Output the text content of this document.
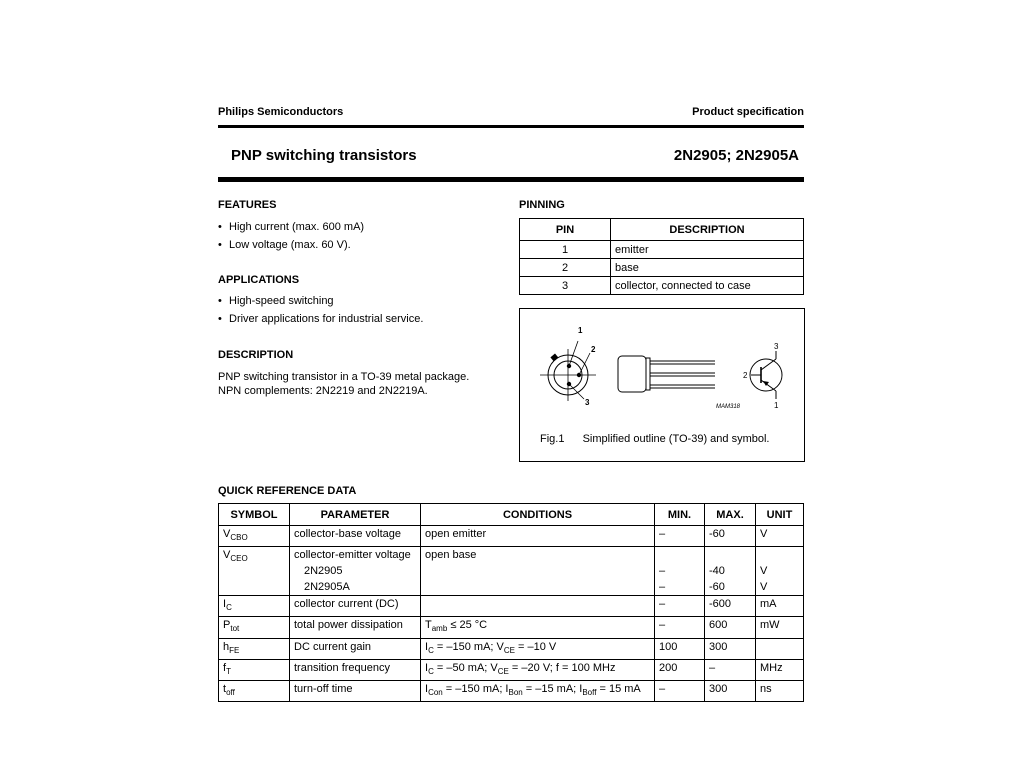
Philips Semiconductors	Product specification
PNP switching transistors	2N2905; 2N2905A
FEATURES
• High current (max. 600 mA)
• Low voltage (max. 60 V).
APPLICATIONS
• High-speed switching
• Driver applications for industrial service.
DESCRIPTION
PNP switching transistor in a TO-39 metal package.
NPN complements: 2N2219 and 2N2219A.
PINNING
PIN	DESCRIPTION
1	emitter
2	base
3	collector, connected to case
1
2
3
3
2
1
MAM318
Fig.1 Simplified outline (TO-39) and symbol.
QUICK REFERENCE DATA
SYMBOL	PARAMETER	CONDITIONS	MIN.	MAX.	UNIT
$V_{CBO}$	collector-base voltage	open emitter	–	-60	V
$V_{CEO}$	collector-emitter voltage	open base			
	2N2905		–	-40	V
	2N2905A		–	-60	V
$I_C$	collector current (DC)		–	-600	mA
$P_{tot}$	total power dissipation	$T_{amb} \le 25$ °C	–	600	mW
$h_{FE}$	DC current gain	$I_C = -150$ mA; $V_{CE} = -10$ V	100	300	
$f_T$	transition frequency	$I_C = -50$ mA; $V_{CE} = -20$ V; f = 100 MHz	200	–	MHz
$t_{off}$	turn-off time	$I_{Con} = -150$ mA; $I_{Bon} = -15$ mA; $I_{Boff} = 15$ mA	–	300	ns
